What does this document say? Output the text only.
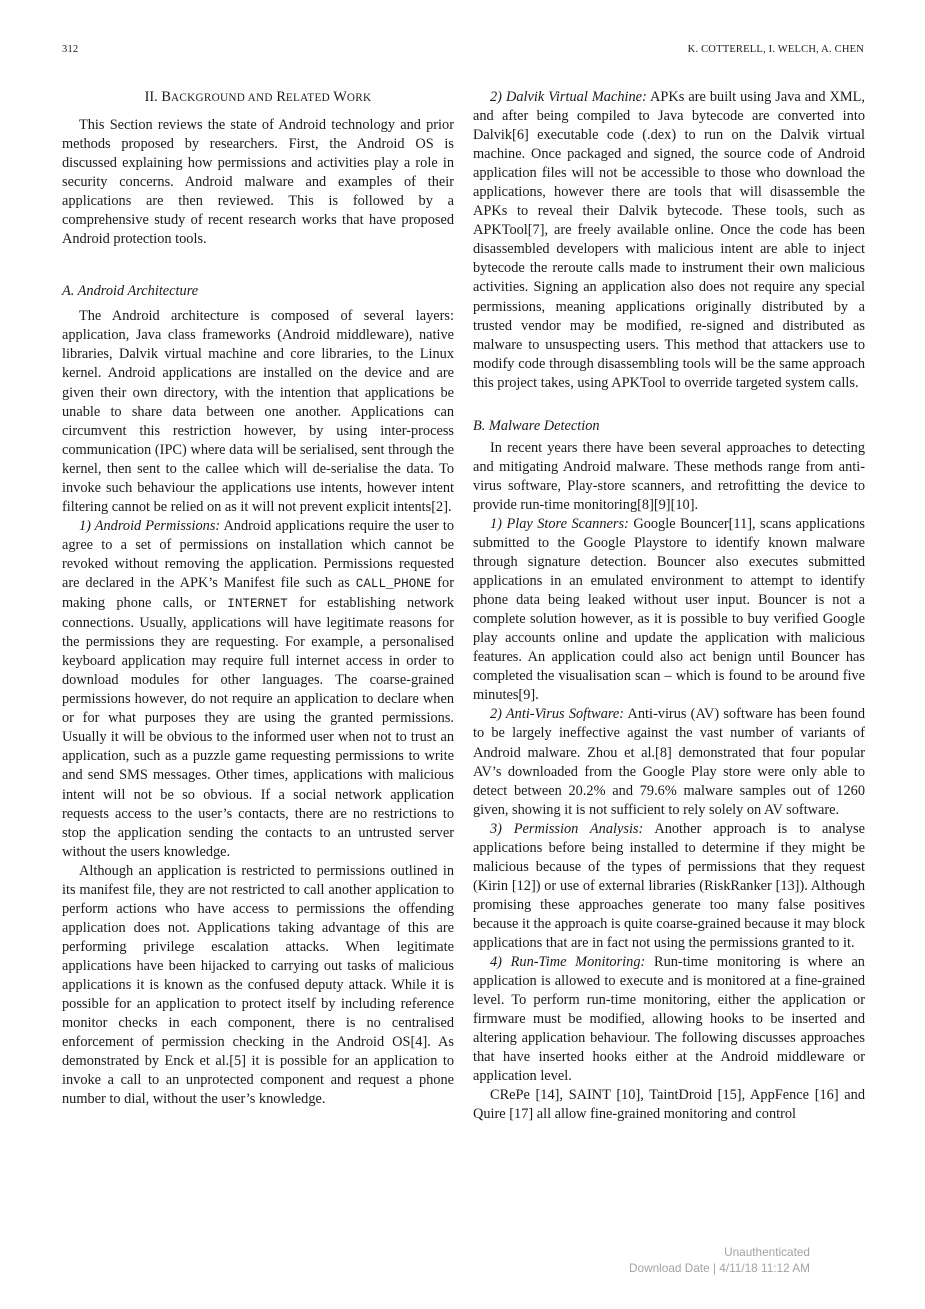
312	K. COTTERELL, I. WELCH, A. CHEN
II. BACKGROUND AND RELATED WORK

This Section reviews the state of Android technology and prior methods proposed by researchers. First, the Android OS is discussed explaining how permissions and activities play a role in security concerns. Android malware and examples of their applications are then reviewed. This is followed by a comprehensive study of recent research works that have proposed Android protection tools.

A. Android Architecture

The Android architecture is composed of several layers: application, Java class frameworks (Android middleware), native libraries, Dalvik virtual machine and core libraries, to the Linux kernel. Android applications are installed on the device and are given their own directory, with the intention that applications be unable to share data between one another. Applications can circumvent this restriction however, by using inter-process communication (IPC) where data will be serialised, sent through the kernel, then sent to the callee which will de-serialise the data. To invoke such behaviour the applications use intents, however intent filtering cannot be relied on as it will not prevent explicit intents[2].

1) Android Permissions: Android applications require the user to agree to a set of permissions on installation which cannot be revoked without removing the application. Permissions requested are declared in the APK’s Manifest file such as CALL_PHONE for making phone calls, or INTERNET for establishing network connections. Usually, applications will have legitimate reasons for the permissions they are requesting. For example, a personalised keyboard application may require full internet access in order to download modules for other languages. The coarse-grained permissions however, do not require an application to declare when or for what purposes they are using the granted permissions. Usually it will be obvious to the informed user when not to trust an application, such as a puzzle game requesting permissions to write and send SMS messages. Other times, applications with malicious intent will not be so obvious. If a social network application requests access to the user’s contacts, there are no restrictions to stop the application sending the contacts to an untrusted server without the users knowledge.

Although an application is restricted to permissions outlined in its manifest file, they are not restricted to call another application to perform actions who have access to permissions the offending application does not. Applications taking advantage of this are performing privilege escalation attacks. When legitimate applications have been hijacked to carrying out tasks of malicious applications it is known as the confused deputy attack. While it is possible for an application to protect itself by including reference monitor checks in each component, there is no centralised enforcement of permission checking in the Android OS[4]. As demonstrated by Enck et al.[5] it is possible for an application to invoke a call to an unprotected component and request a phone number to dial, without the user’s knowledge.

2) Dalvik Virtual Machine: APKs are built using Java and XML, and after being compiled to Java bytecode are converted into Dalvik[6] executable code (.dex) to run on the Dalvik virtual machine. Once packaged and signed, the source code of Android application files will not be accessible to those who download the applications, however there are tools that will disassemble the APKs to reveal their Dalvik bytecode. These tools, such as APKTool[7], are freely available online. Once the code has been disassembled developers with malicious intent are able to inject bytecode the reroute calls made to instrument their own malicious activities. Signing an application also does not require any special permissions, meaning applications originally distributed by a trusted vendor may be modified, re-signed and distributed as malware to unsuspecting users. This method that attackers use to modify code through disassembling tools will be the same approach this project takes, using APKTool to override targeted system calls.

B. Malware Detection

In recent years there have been several approaches to detecting and mitigating Android malware. These methods range from anti-virus software, Play-store scanners, and retrofitting the device to provide run-time monitoring[8][9][10].

1) Play Store Scanners: Google Bouncer[11], scans applications submitted to the Google Playstore to identify known malware through signature detection. Bouncer also executes submitted applications in an emulated environment to attempt to identify phone data being leaked without user input. Bouncer is not a complete solution however, as it is possible to buy verified Google play accounts online and update the application with malicious features. An application could also act benign until Bouncer has completed the visualisation scan – which is found to be around five minutes[9].

2) Anti-Virus Software: Anti-virus (AV) software has been found to be largely ineffective against the vast number of variants of Android malware. Zhou et al.[8] demonstrated that four popular AV’s downloaded from the Google Play store were only able to detect between 20.2% and 79.6% malware samples out of 1260 given, showing it is not sufficient to rely solely on AV software.

3) Permission Analysis: Another approach is to analyse applications before being installed to determine if they might be malicious because of the types of permissions that they request (Kirin [12]) or use of external libraries (RiskRanker [13]). Although promising these approaches generate too many false positives because it the approach is quite coarse-grained because it may block applications that are in fact not using the permissions granted to it.

4) Run-Time Monitoring: Run-time monitoring is where an application is allowed to execute and is monitored at a fine-grained level. To perform run-time monitoring, either the application or firmware must be modified, allowing hooks to be inserted and altering application behaviour. The following discusses approaches that have inserted hooks either at the Android middleware or application level.

CRePe [14], SAINT [10], TaintDroid [15], AppFence [16] and Quire [17] all allow fine-grained monitoring and control

Unauthenticated
Download Date | 4/11/18 11:12 AM
